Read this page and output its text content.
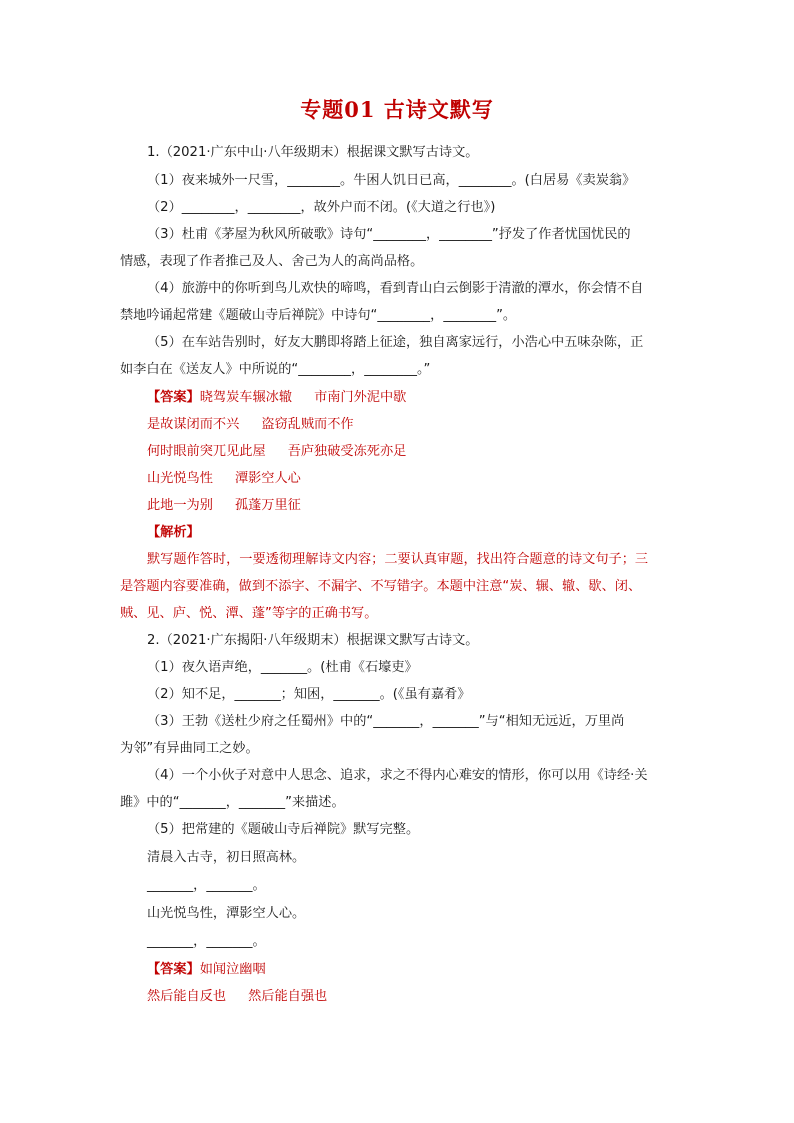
专题01 古诗文默写
1.（2021·广东中山·八年级期末）根据课文默写古诗文。
（1）夜来城外一尺雪，________。牛困人饥日已高，________。(白居易《卖炭翁》
（2）________，________，故外户而不闭。(《大道之行也》)
（3）杜甫《茅屋为秋风所破歌》诗句“________，________”抒发了作者忧国忧民的
情感，表现了作者推己及人、舍己为人的高尚品格。
（4）旅游中的你听到鸟儿欢快的啼鸣，看到青山白云倒影于清澈的潭水，你会情不自
禁地吟诵起常建《题破山寺后禅院》中诗句“________，________”。
（5）在车站告别时，好友大鹏即将踏上征途，独自离家远行，小浩心中五味杂陈，正
如李白在《送友人》中所说的“________，________。”
【答案】晓驾炭车辗冰辙 市南门外泥中歇
是故谋闭而不兴 盗窃乱贼而不作
何时眼前突兀见此屋 吾庐独破受冻死亦足
山光悦鸟性 潭影空人心
此地一为别 孤蓬万里征
【解析】
默写题作答时，一要透彻理解诗文内容；二要认真审题，找出符合题意的诗文句子；三
是答题内容要准确，做到不添字、不漏字、不写错字。本题中注意“炭、辗、辙、歇、闭、
贼、见、庐、悦、潭、蓬”等字的正确书写。
2.（2021·广东揭阳·八年级期末）根据课文默写古诗文。
（1）夜久语声绝，_______。(杜甫《石壕吏》
（2）知不足，_______；知困，_______。(《虽有嘉肴》
（3）王勃《送杜少府之任蜀州》中的“_______，_______”与“相知无远近，万里尚
为邻”有异曲同工之妙。
（4）一个小伙子对意中人思念、追求，求之不得内心难安的情形，你可以用《诗经·关
雎》中的“_______，_______”来描述。
（5）把常建的《题破山寺后禅院》默写完整。
清晨入古寺，初日照高林。
_______，_______。
山光悦鸟性，潭影空人心。
_______，_______。
【答案】如闻泣幽咽
然后能自反也 然后能自强也
